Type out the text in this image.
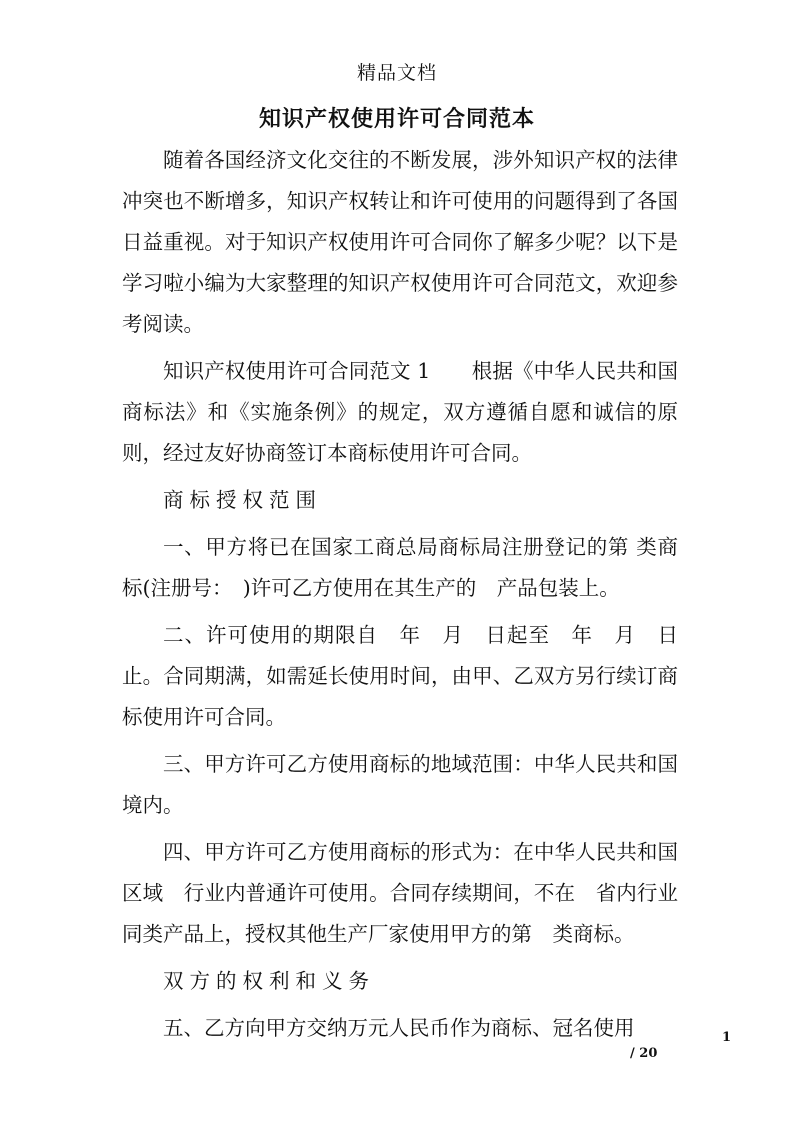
精品文档
知识产权使用许可合同范本

随着各国经济文化交往的不断发展，涉外知识产权的法律冲突也不断增多，知识产权转让和许可使用的问题得到了各国日益重视。对于知识产权使用许可合同你了解多少呢？以下是学习啦小编为大家整理的知识产权使用许可合同范文，欢迎参考阅读。

知识产权使用许可合同范文 1　　根据《中华人民共和国商标法》和《实施条例》的规定，双方遵循自愿和诚信的原则，经过友好协商签订本商标使用许可合同。

商标授权范围

一、甲方将已在国家工商总局商标局注册登记的第 类商标(注册号：　)许可乙方使用在其生产的　产品包装上。

二、许可使用的期限自　年　月　日起至　年　月　日止。合同期满，如需延长使用时间，由甲、乙双方另行续订商标使用许可合同。

三、甲方许可乙方使用商标的地域范围：中华人民共和国境内。

四、甲方许可乙方使用商标的形式为：在中华人民共和国区域　行业内普通许可使用。合同存续期间，不在　省内行业同类产品上，授权其他生产厂家使用甲方的第　类商标。

双方的权利和义务

五、乙方向甲方交纳万元人民币作为商标、冠名使用	1
/ 20
